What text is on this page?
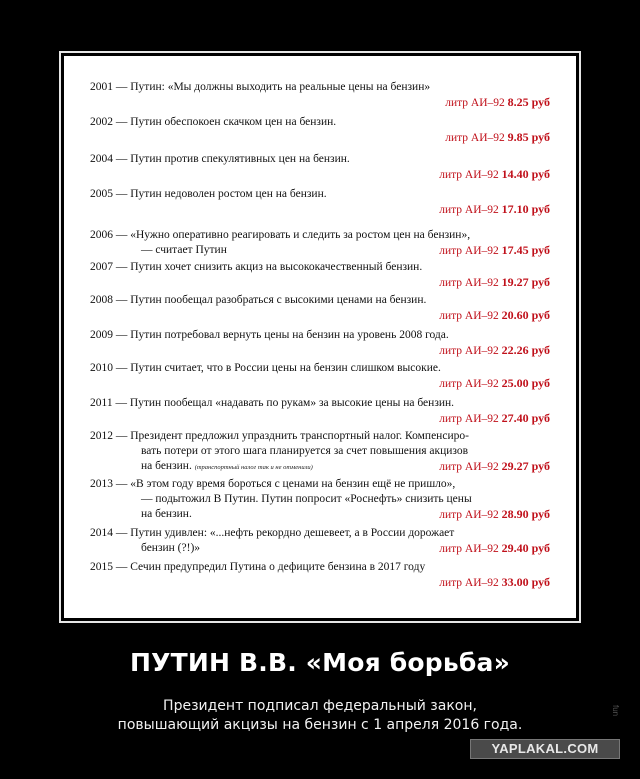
2001 — Путин: «Мы должны выходить на реальные цены на бензин»
литр АИ–92 8.25 руб
2002 — Путин обеспокоен скачком цен на бензин.
литр АИ–92 9.85 руб
2004 — Путин против спекулятивных цен на бензин.
литр АИ–92 14.40 руб
2005 — Путин недоволен ростом цен на бензин.
литр АИ–92 17.10 руб
2006 — «Нужно оперативно реагировать и следить за ростом цен на бензин»,
— считает Путин	литр АИ–92 17.45 руб
2007 — Путин хочет снизить акциз на высококачественный бензин.
литр АИ–92 19.27 руб
2008 — Путин пообещал разобраться с высокими ценами на бензин.
литр АИ–92 20.60 руб
2009 — Путин потребовал вернуть цены на бензин на уровень 2008 года.
литр АИ–92 22.26 руб
2010 — Путин считает, что в России цены на бензин слишком высокие.
литр АИ–92 25.00 руб
2011 — Путин пообещал «надавать по рукам» за высокие цены на бензин.
литр АИ–92 27.40 руб
2012 — Президент предложил упразднить транспортный налог. Компенсиро-
вать потери от этого шага планируется за счет повышения акцизов
на бензин. (транспортный налог так и не отменили)	литр АИ–92 29.27 руб
2013 — «В этом году время бороться с ценами на бензин ещё не пришло»,
— подытожил В Путин. Путин попросит «Роснефть» снизить цены
на бензин.	литр АИ–92 28.90 руб
2014 — Путин удивлен: «...нефть рекордно дешевеет, а в России дорожает
бензин (?!)»	литр АИ–92 29.40 руб
2015 — Сечин предупредил Путина о дефиците бензина в 2017 году
литр АИ–92 33.00 руб
ПУТИН В.В. «Моя борьба»
Президент подписал федеральный закон,
повышающий акцизы на бензин с 1 апреля 2016 года.
YAPLAKAL.COM
fun
